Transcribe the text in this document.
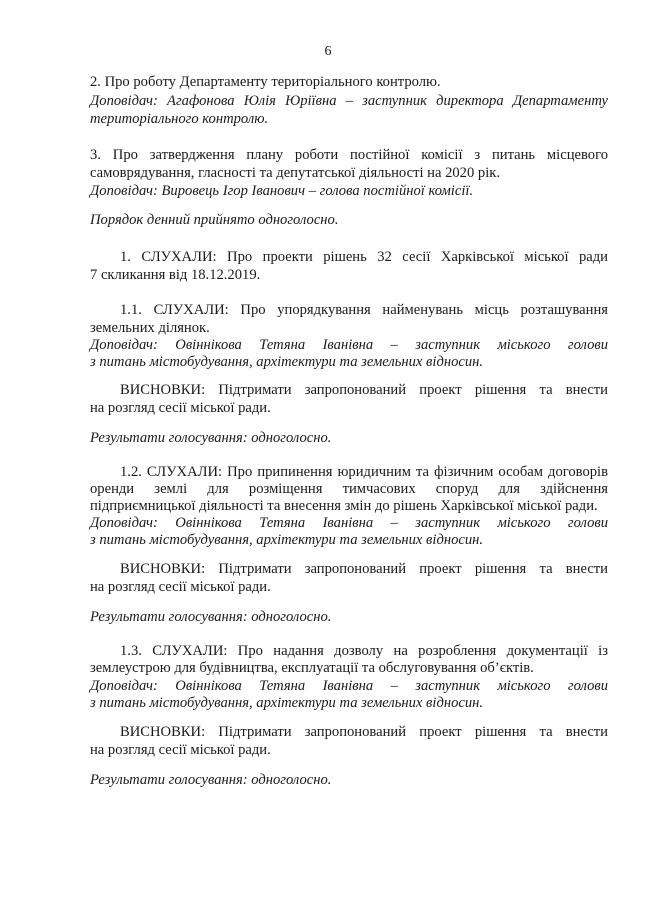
6
2. Про роботу Департаменту територіального контролю.
Доповідач: Агафонова Юлія Юріївна – заступник директора Департаменту
територіального контролю.
3. Про затвердження плану роботи постійної комісії з питань місцевого
самоврядування, гласності та депутатської діяльності на 2020 рік.
Доповідач: Вировець Ігор Іванович – голова постійної комісії.
Порядок денний прийнято одноголосно.
1. СЛУХАЛИ: Про проекти рішень 32 сесії Харківської міської ради
7 скликання від 18.12.2019.
1.1. СЛУХАЛИ: Про упорядкування найменувань місць розташування
земельних ділянок.
Доповідач: Овіннікова Тетяна Іванівна – заступник міського голови
з питань містобудування, архітектури та земельних відносин.
ВИСНОВКИ: Підтримати запропонований проект рішення та внести
на розгляд сесії міської ради.
Результати голосування: одноголосно.
1.2. СЛУХАЛИ: Про припинення юридичним та фізичним особам договорів
оренди землі для розміщення тимчасових споруд для здійснення
підприємницької діяльності та внесення змін до рішень Харківської міської ради.
Доповідач: Овіннікова Тетяна Іванівна – заступник міського голови
з питань містобудування, архітектури та земельних відносин.
ВИСНОВКИ: Підтримати запропонований проект рішення та внести
на розгляд сесії міської ради.
Результати голосування: одноголосно.
1.3. СЛУХАЛИ: Про надання дозволу на розроблення документації із
землеустрою для будівництва, експлуатації та обслуговування об’єктів.
Доповідач: Овіннікова Тетяна Іванівна – заступник міського голови
з питань містобудування, архітектури та земельних відносин.
ВИСНОВКИ: Підтримати запропонований проект рішення та внести
на розгляд сесії міської ради.
Результати голосування: одноголосно.
